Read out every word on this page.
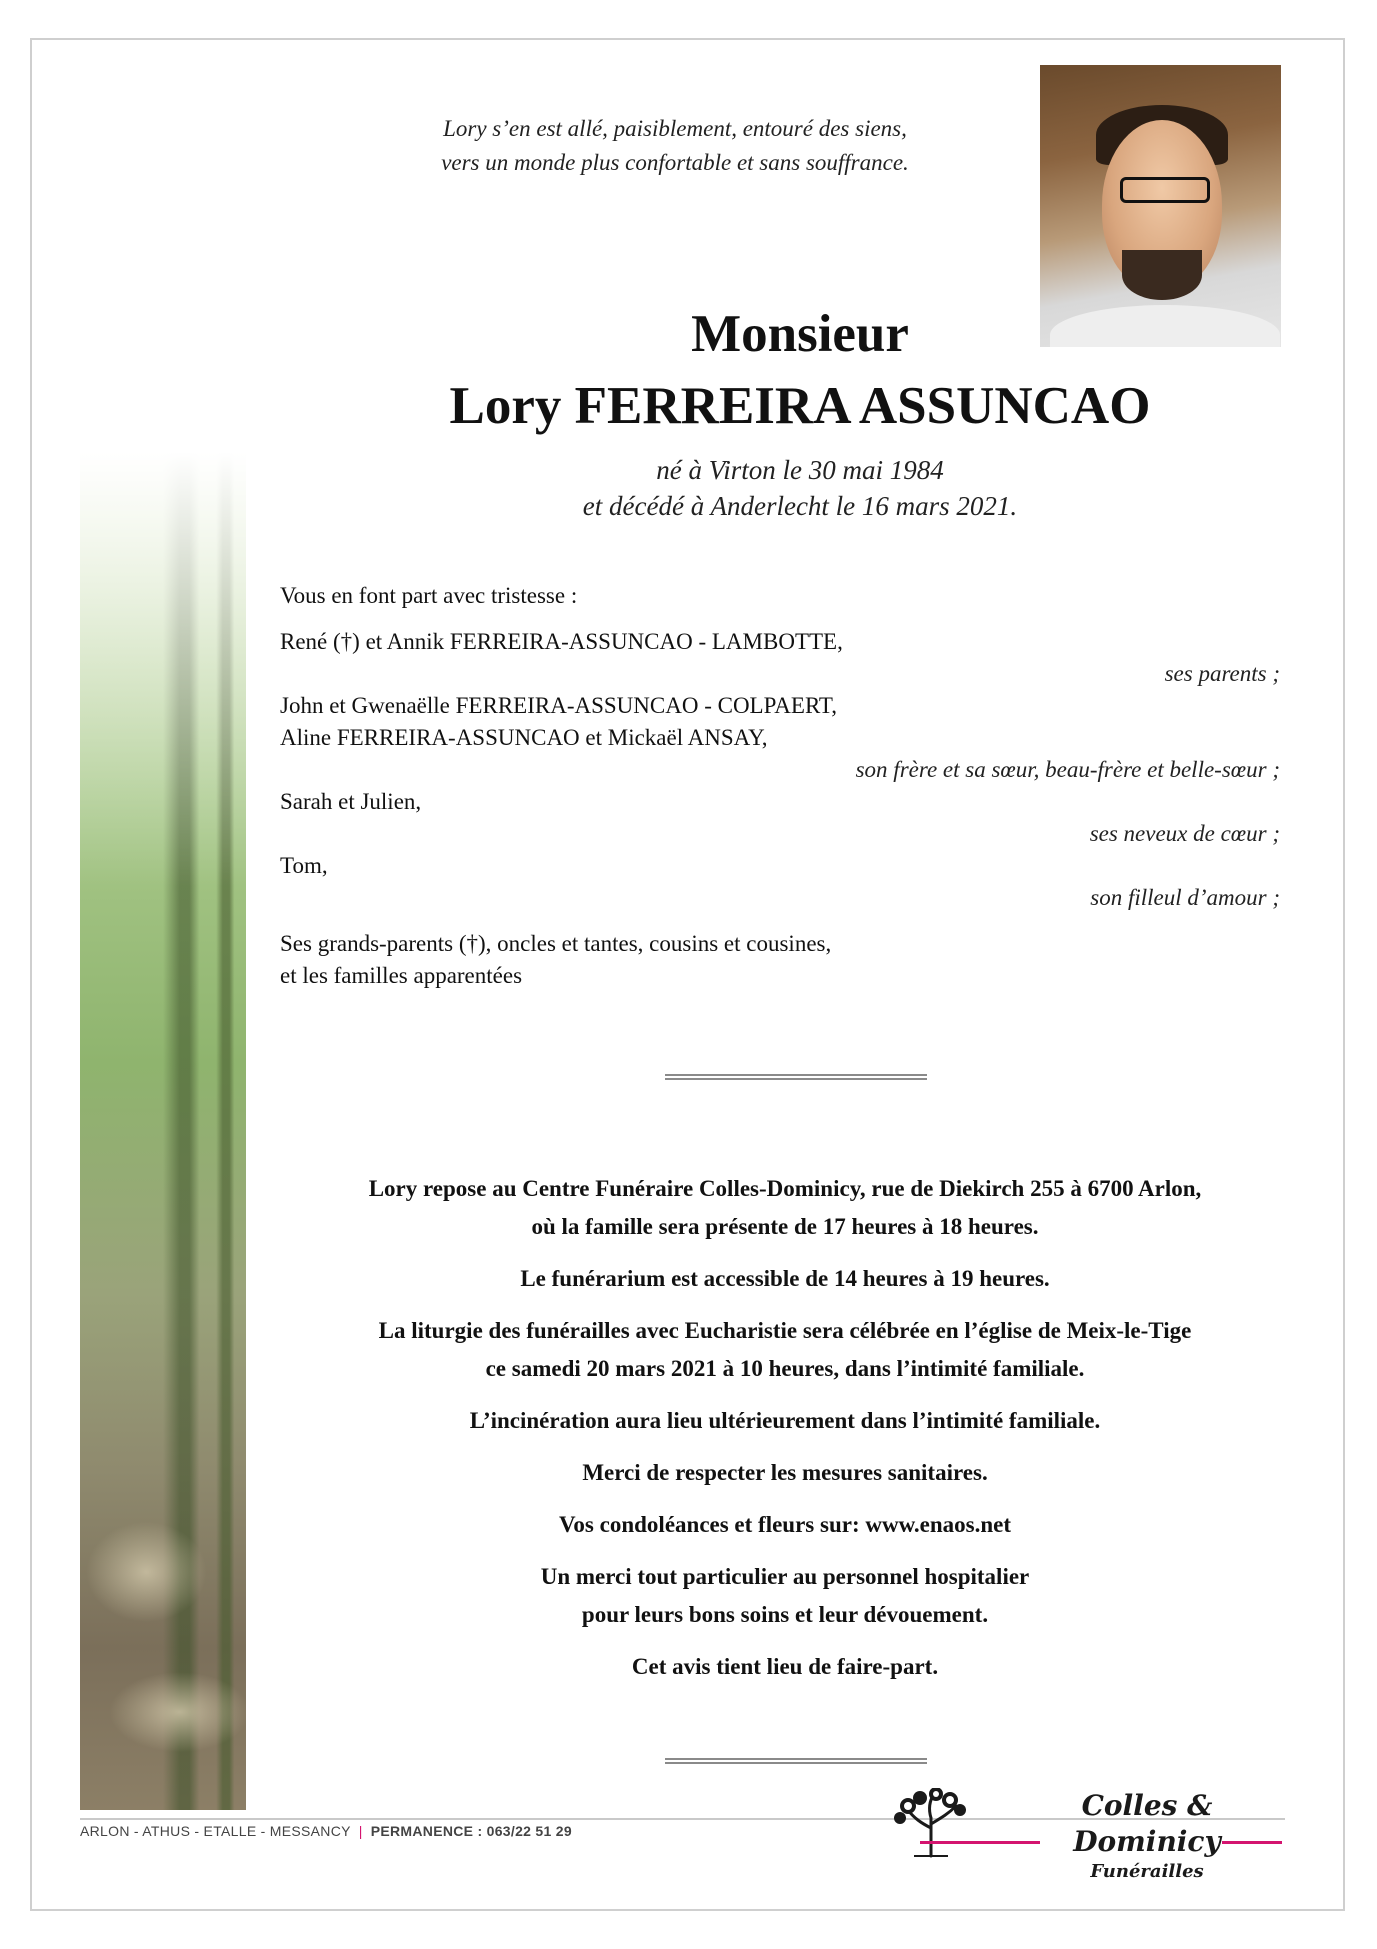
Lory s’en est allé, paisiblement, entouré des siens,
vers un monde plus confortable et sans souffrance.
Monsieur
Lory FERREIRA ASSUNCAO
né à Virton le 30 mai 1984
et décédé à Anderlecht le 16 mars 2021.
Vous en font part avec tristesse :
René (†) et Annik FERREIRA-ASSUNCAO - LAMBOTTE,
ses parents ;
John et Gwenaëlle FERREIRA-ASSUNCAO - COLPAERT,
Aline FERREIRA-ASSUNCAO et Mickaël ANSAY,
son frère et sa sœur, beau-frère et belle-sœur ;
Sarah et Julien,
ses neveux de cœur ;
Tom,
son filleul d’amour ;
Ses grands-parents (†), oncles et tantes, cousins et cousines,
et les familles apparentées

Lory repose au Centre Funéraire Colles-Dominicy, rue de Diekirch 255 à 6700 Arlon,
où la famille sera présente de 17 heures à 18 heures.

Le funérarium est accessible de 14 heures à 19 heures.

La liturgie des funérailles avec Eucharistie sera célébrée en l’église de Meix-le-Tige
ce samedi 20 mars 2021 à 10 heures, dans l’intimité familiale.

L’incinération aura lieu ultérieurement dans l’intimité familiale.

Merci de respecter les mesures sanitaires.

Vos condoléances et fleurs sur: www.enaos.net

Un merci tout particulier au personnel hospitalier
pour leurs bons soins et leur dévouement.

Cet avis tient lieu de faire-part.

ARLON - ATHUS - ETALLE - MESSANCY | PERMANENCE : 063/22 51 29
Colles & Dominicy
Funérailles
